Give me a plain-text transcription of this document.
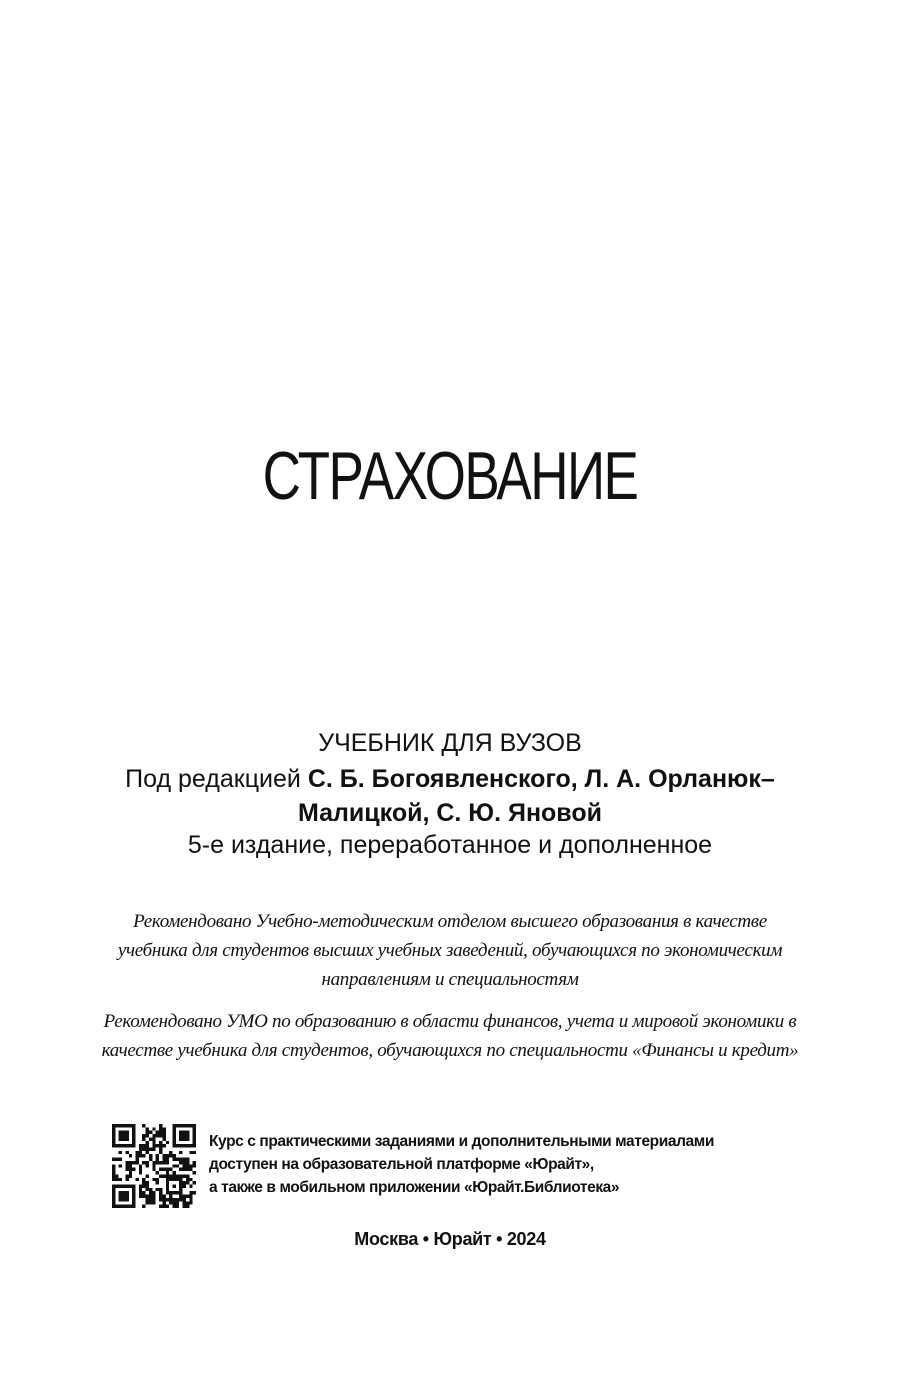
СТРАХОВАНИЕ
УЧЕБНИК ДЛЯ ВУЗОВ
Под редакцией С. Б. Богоявленского, Л. А. Орланюк–Малицкой, С. Ю. Яновой
5-е издание, переработанное и дополненное
Рекомендовано Учебно-методическим отделом высшего образования в качестве учебника для студентов высших учебных заведений, обучающихся по экономическим направлениям и специальностям
Рекомендовано УМО по образованию в области финансов, учета и мировой экономики в качестве учебника для студентов, обучающихся по специальности «Финансы и кредит»
Курс с практическими заданиями и дополнительными материалами
доступен на образовательной платформе «Юрайт»,
а также в мобильном приложении «Юрайт.Библиотека»
Москва • Юрайт • 2024
